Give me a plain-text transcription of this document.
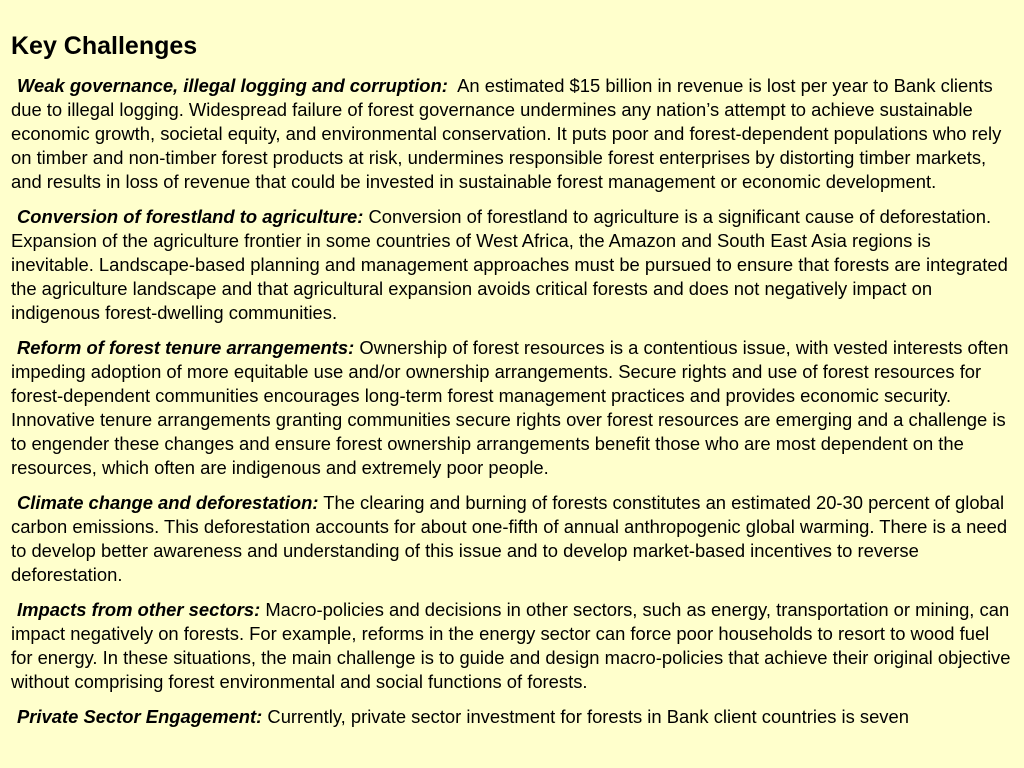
Key Challenges

Weak governance, illegal logging and corruption:  An estimated $15 billion in revenue is lost per year to Bank clients due to illegal logging. Widespread failure of forest governance undermines any nation’s attempt to achieve sustainable economic growth, societal equity, and environmental conservation. It puts poor and forest-dependent populations who rely on timber and non-timber forest products at risk, undermines responsible forest enterprises by distorting timber markets, and results in loss of revenue that could be invested in sustainable forest management or economic development.

Conversion of forestland to agriculture: Conversion of forestland to agriculture is a significant cause of deforestation. Expansion of the agriculture frontier in some countries of West Africa, the Amazon and South East Asia regions is inevitable. Landscape-based planning and management approaches must be pursued to ensure that forests are integrated the agriculture landscape and that agricultural expansion avoids critical forests and does not negatively impact on indigenous forest-dwelling communities.

Reform of forest tenure arrangements: Ownership of forest resources is a contentious issue, with vested interests often impeding adoption of more equitable use and/or ownership arrangements. Secure rights and use of forest resources for forest-dependent communities encourages long-term forest management practices and provides economic security. Innovative tenure arrangements granting communities secure rights over forest resources are emerging and a challenge is to engender these changes and ensure forest ownership arrangements benefit those who are most dependent on the resources, which often are indigenous and extremely poor people.

Climate change and deforestation: The clearing and burning of forests constitutes an estimated 20-30 percent of global carbon emissions. This deforestation accounts for about one-fifth of annual anthropogenic global warming. There is a need to develop better awareness and understanding of this issue and to develop market-based incentives to reverse deforestation.

Impacts from other sectors: Macro-policies and decisions in other sectors, such as energy, transportation or mining, can impact negatively on forests. For example, reforms in the energy sector can force poor households to resort to wood fuel for energy. In these situations, the main challenge is to guide and design macro-policies that achieve their original objective without comprising forest environmental and social functions of forests.

Private Sector Engagement: Currently, private sector investment for forests in Bank client countries is seven
